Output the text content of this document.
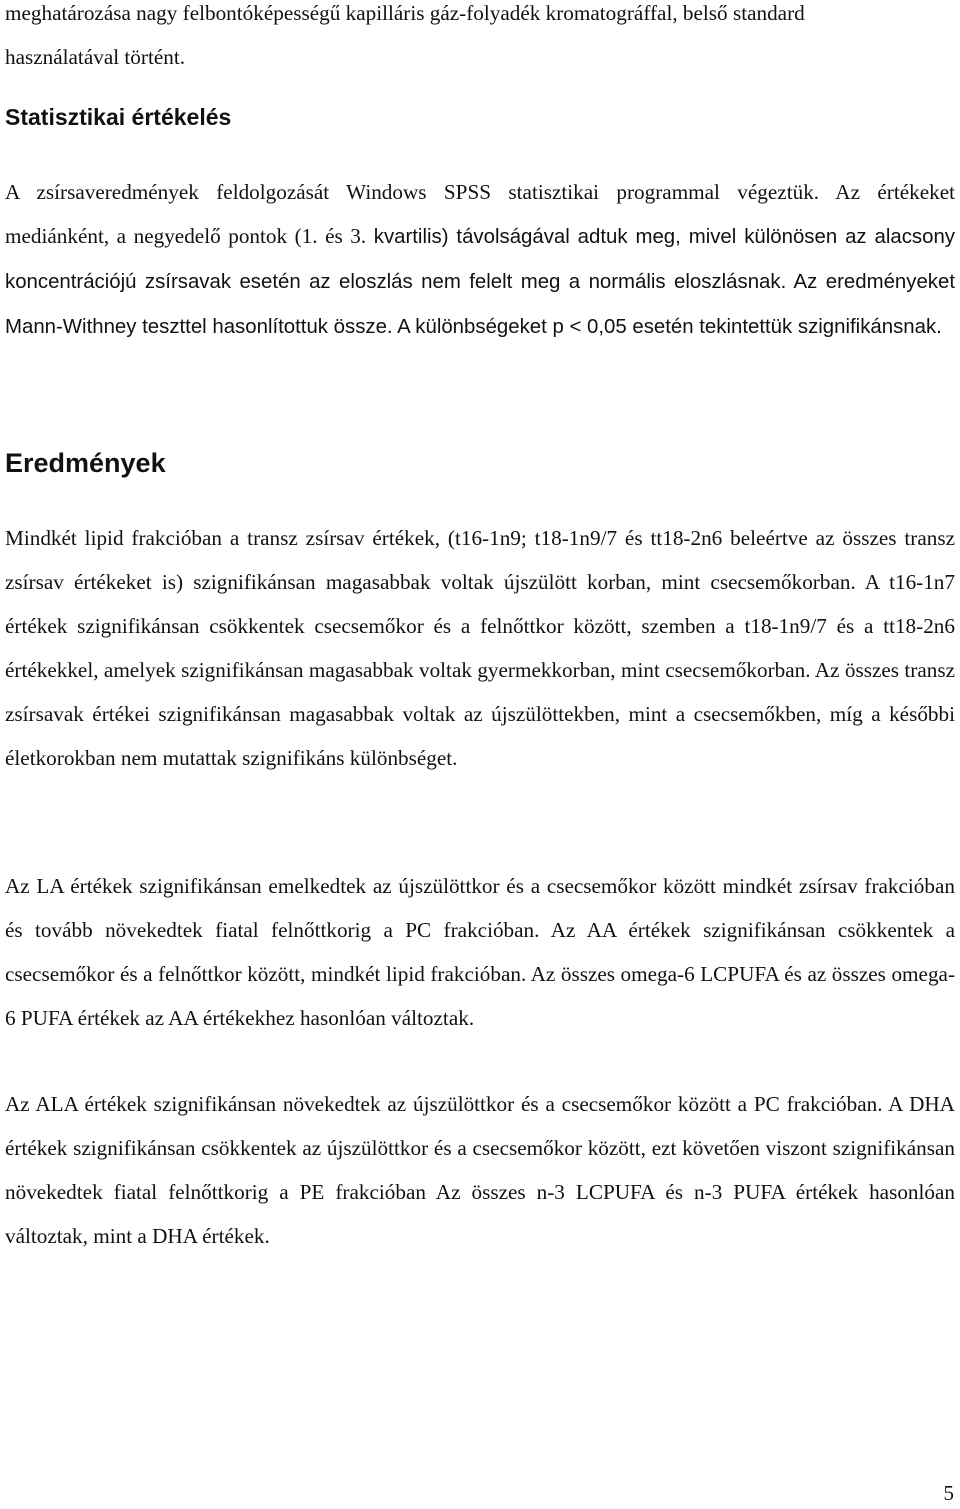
meghatározása nagy felbontóképességű kapilláris gáz-folyadék kromatográffal, belső standard
használatával történt.

Statisztikai értékelés

A zsírsaveredmények feldolgozását Windows SPSS statisztikai programmal végeztük. Az értékeket mediánként, a negyedelő pontok (1. és 3. kvartilis) távolságával adtuk meg, mivel különösen az alacsony koncentrációjú zsírsavak esetén az eloszlás nem felelt meg a normális eloszlásnak. Az eredményeket Mann-Withney teszttel hasonlítottuk össze. A különbségeket p < 0,05 esetén tekintettük szignifikánsnak.

Eredmények

Mindkét lipid frakcióban a transz zsírsav értékek, (t16-1n9; t18-1n9/7 és tt18-2n6 beleértve az összes transz zsírsav értékeket is) szignifikánsan magasabbak voltak újszülött korban, mint csecsemőkorban. A t16-1n7 értékek szignifikánsan csökkentek csecsemőkor és a felnőttkor között, szemben a t18-1n9/7 és a tt18-2n6 értékekkel, amelyek szignifikánsan magasabbak voltak gyermekkorban, mint csecsemőkorban. Az összes transz zsírsavak értékei szignifikánsan magasabbak voltak az újszülöttekben, mint a csecsemőkben, míg a későbbi életkorokban nem mutattak szignifikáns különbséget.

Az LA értékek szignifikánsan emelkedtek az újszülöttkor és a csecsemőkor között mindkét zsírsav frakcióban és tovább növekedtek fiatal felnőttkorig a PC frakcióban. Az AA értékek szignifikánsan csökkentek a csecsemőkor és a felnőttkor között, mindkét lipid frakcióban. Az összes omega-6 LCPUFA és az összes omega-6 PUFA értékek az AA értékekhez hasonlóan változtak.

Az ALA értékek szignifikánsan növekedtek az újszülöttkor és a csecsemőkor között a PC frakcióban. A DHA értékek szignifikánsan csökkentek az újszülöttkor és a csecsemőkor között, ezt követően viszont szignifikánsan növekedtek fiatal felnőttkorig a PE frakcióban Az összes n-3 LCPUFA és n-3 PUFA értékek hasonlóan változtak, mint a DHA értékek.

5
